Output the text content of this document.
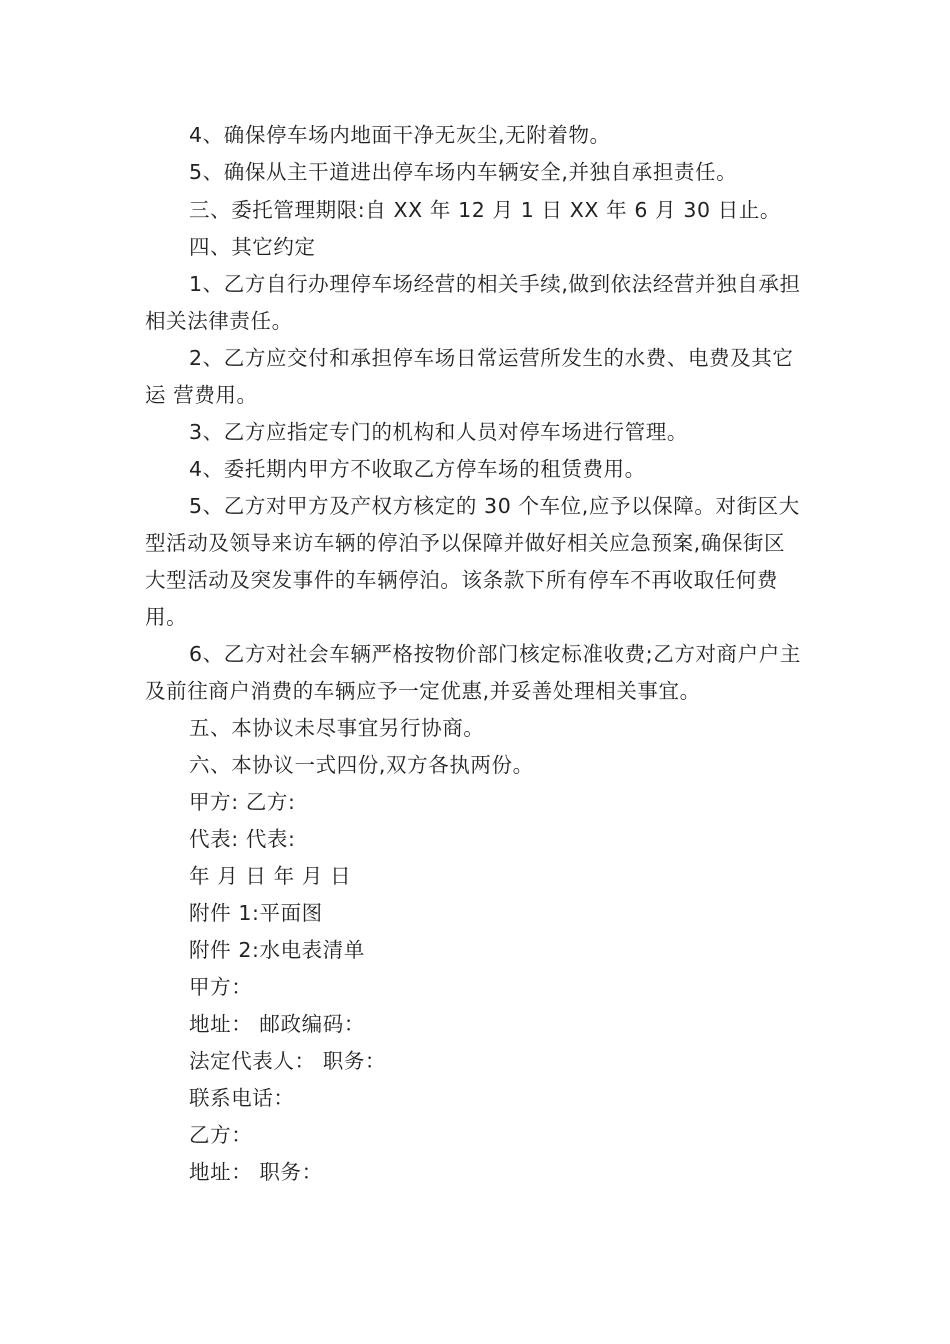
4、确保停车场内地面干净无灰尘,无附着物。

5、确保从主干道进出停车场内车辆安全,并独自承担责任。

三、委托管理期限:自 XX 年 12 月 1 日 XX 年 6 月 30 日止。

四、其它约定

1、乙方自行办理停车场经营的相关手续,做到依法经营并独自承担相关法律责任。

2、乙方应交付和承担停车场日常运营所发生的水费、电费及其它运 营费用。

3、乙方应指定专门的机构和人员对停车场进行管理。

4、委托期内甲方不收取乙方停车场的租赁费用。

5、乙方对甲方及产权方核定的 30 个车位,应予以保障。对街区大型活动及领导来访车辆的停泊予以保障并做好相关应急预案,确保街区大型活动及突发事件的车辆停泊。该条款下所有停车不再收取任何费用。

6、乙方对社会车辆严格按物价部门核定标准收费;乙方对商户户主及前往商户消费的车辆应予一定优惠,并妥善处理相关事宜。

五、本协议未尽事宜另行协商。

六、本协议一式四份,双方各执两份。

甲方: 乙方:

代表: 代表:

年 月 日 年 月 日

附件 1:平面图

附件 2:水电表清单

甲方：

地址： 邮政编码：

法定代表人： 职务：

联系电话：

乙方：

地址： 职务：
